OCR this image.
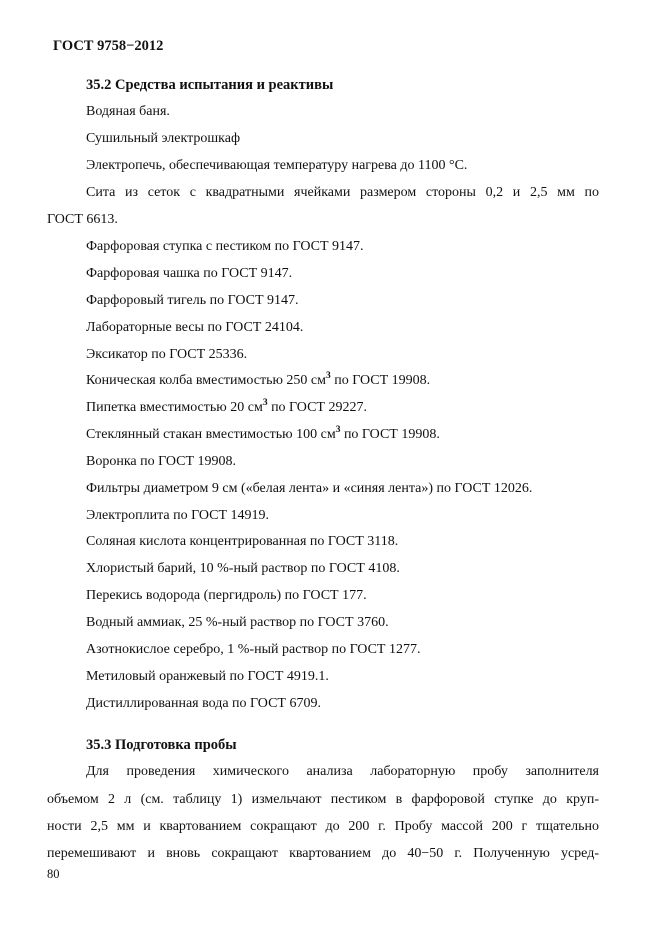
ГОСТ 9758−2012
35.2 Средства испытания и реактивы
Водяная баня.
Сушильный электрошкаф
Электропечь, обеспечивающая температуру нагрева до 1100 °С.
Сита из сеток с квадратными ячейками размером стороны 0,2 и 2,5 мм по
ГОСТ 6613.
Фарфоровая ступка с пестиком по ГОСТ 9147.
Фарфоровая чашка по ГОСТ 9147.
Фарфоровый тигель по ГОСТ 9147.
Лабораторные весы по ГОСТ 24104.
Эксикатор по ГОСТ 25336.
Коническая колба вместимостью 250 $см^3$ по ГОСТ 19908.
Пипетка вместимостью 20 $см^3$ по ГОСТ 29227.
Стеклянный стакан вместимостью 100 $см^3$ по ГОСТ 19908.
Воронка по ГОСТ 19908.
Фильтры диаметром 9 см («белая лента» и «синяя лента») по ГОСТ 12026.
Электроплита по ГОСТ 14919.
Соляная кислота концентрированная по ГОСТ 3118.
Хлористый барий, 10 %-ный раствор по ГОСТ 4108.
Перекись водорода (пергидроль) по ГОСТ 177.
Водный аммиак, 25 %-ный раствор по ГОСТ 3760.
Азотнокислое серебро, 1 %-ный раствор по ГОСТ 1277.
Метиловый оранжевый по ГОСТ 4919.1.
Дистиллированная вода по ГОСТ 6709.
35.3 Подготовка пробы
Для проведения химического анализа лабораторную пробу заполнителя
объемом 2 л (см. таблицу 1) измельчают пестиком в фарфоровой ступке до круп-
ности 2,5 мм и квартованием сокращают до 200 г. Пробу массой 200 г тщательно
перемешивают и вновь сокращают квартованием до 40−50 г. Полученную усред-
80
